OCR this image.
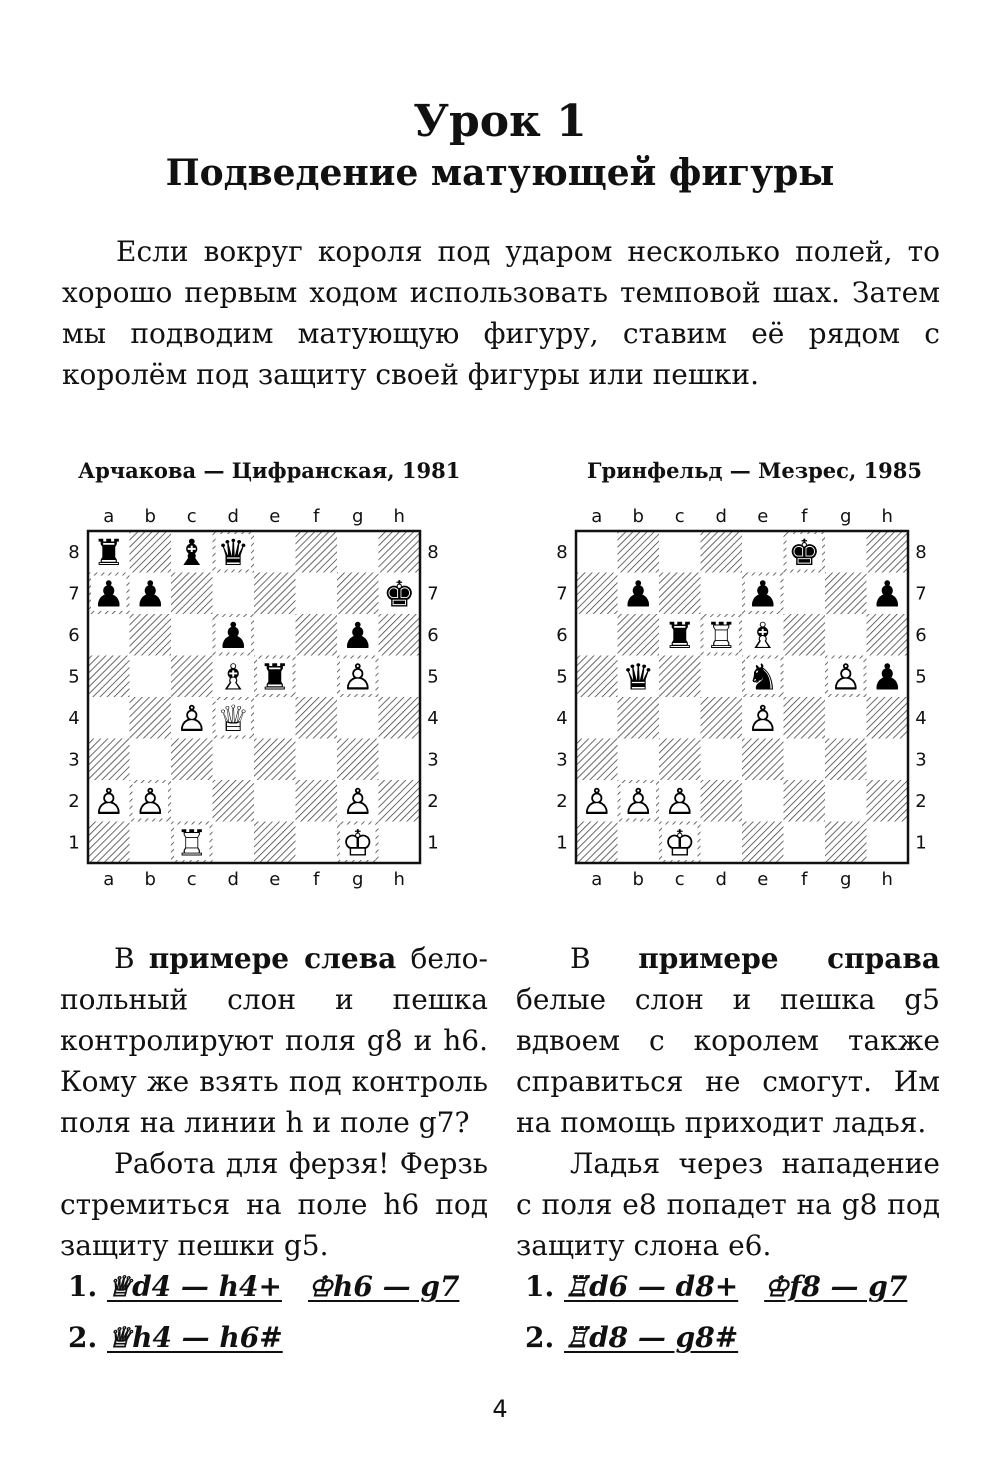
Урок 1
Подведение матующей фигуры

Если вокруг короля под ударом несколько полей, то хорошо первым ходом использовать темповой шах. Затем мы подводим матующую фигуру, ставим её рядом с королём под защиту своей фигуры или пешки.

Арчакова — Цифранская, 1981	Гринфельд — Мезрес, 1985
a
a
b
b
c
c
d
d
e
e
f
f
g
g
h
h
8	8
7	7
6	6
5	5
4	4
3	3
2	2
1	1
♜ ♝ ♛
♟ ♟	♚
♟	♟
♗ ♜ ♙
♙ ♕
♙ ♙	♙
♖	♔
a
a
b
b
c
c
d
d
e
e
f
f
g
g
h
h
8	8
7	7
6	6
5	5
4	4
3	3
2	2
1	1
♚
♟	♟	♟
♜ ♖ ♗
♛	♞ ♙ ♟
♙
♙ ♙ ♙
♔

В примере слева бело-польный слон и пешка контролируют поля g8 и h6. Кому же взять под контроль поля на линии h и поле g7?

Работа для ферзя! Ферзь стремиться на поле h6 под защиту пешки g5.

В примере справа белые слон и пешка g5 вдвоем с королем также справиться не смогут. Им на помощь приходит ладья.

Ладья через нападение с поля е8 попадет на g8 под защиту слона е6.

1. ♕d4 — h4+ ♔h6 — g7
2. ♕h4 — h6#
1. ♖d6 — d8+ ♔f8 — g7
2. ♖d8 — g8#
4
